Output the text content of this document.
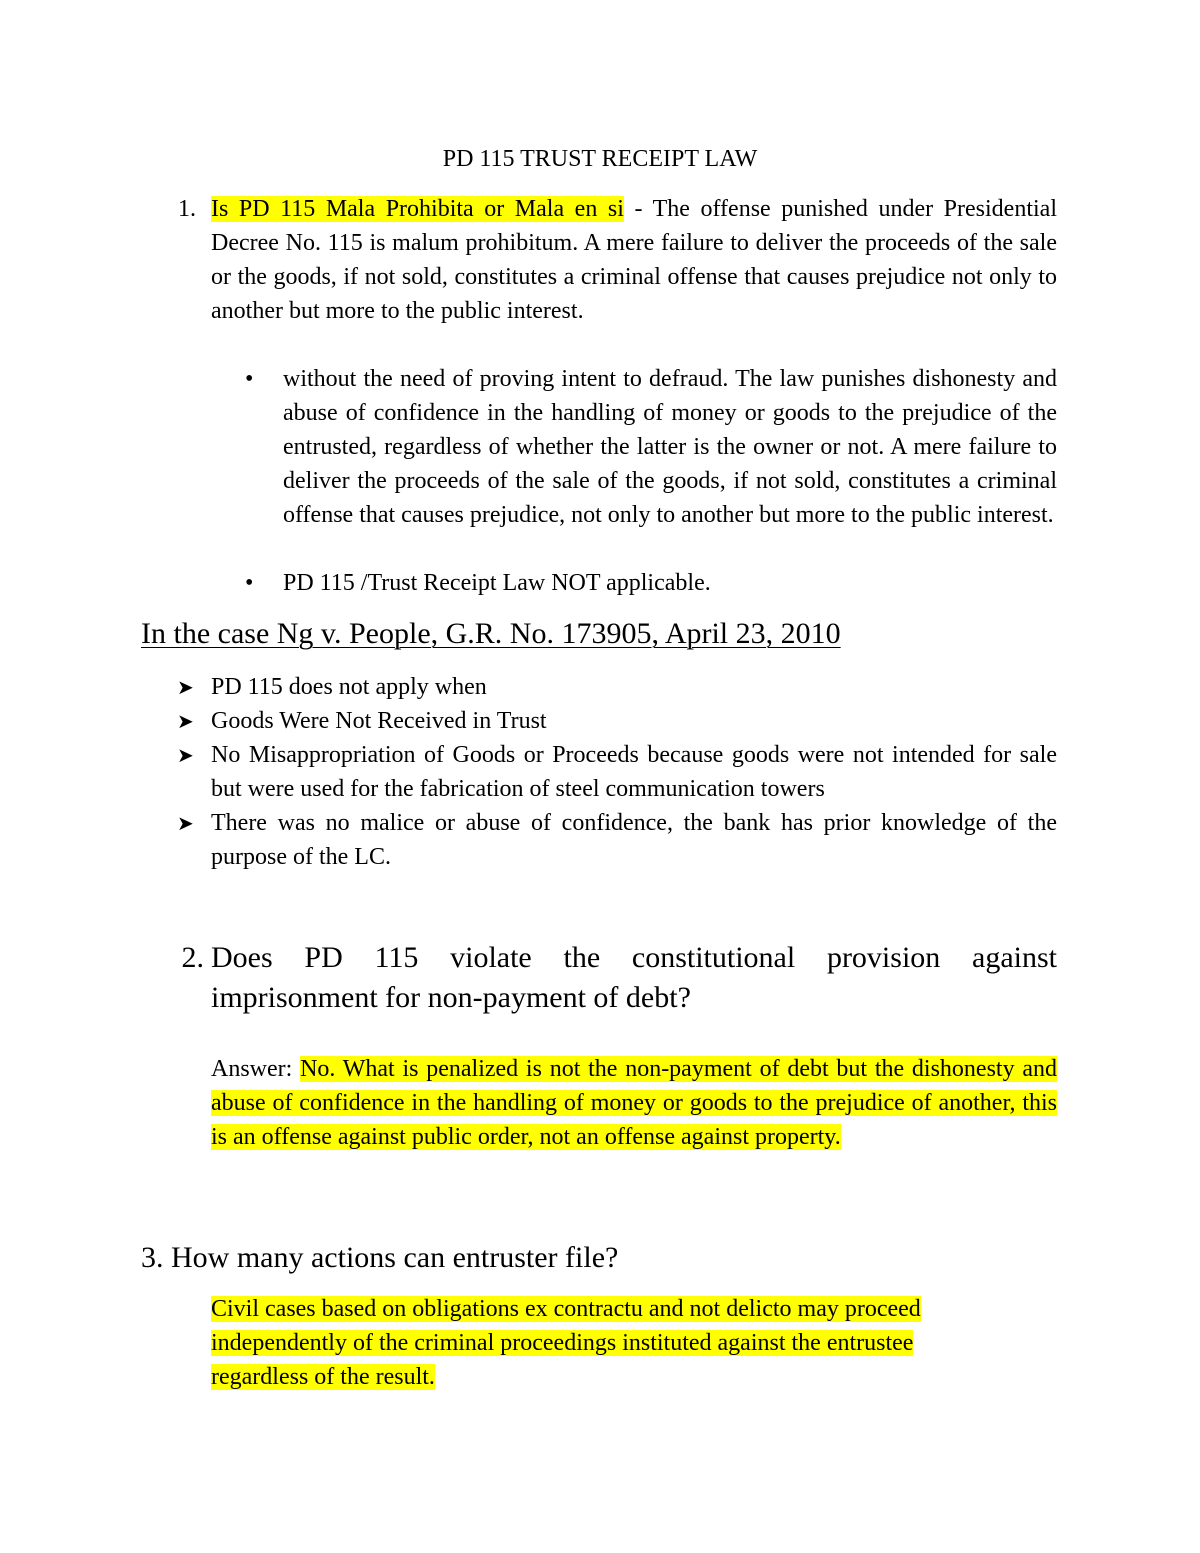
PD 115 TRUST RECEIPT LAW
1. Is PD 115 Mala Prohibita or Mala en si - The offense punished under Presidential Decree No. 115 is malum prohibitum. A mere failure to deliver the proceeds of the sale or the goods, if not sold, constitutes a criminal offense that causes prejudice not only to another but more to the public interest.
• without the need of proving intent to defraud. The law punishes dishonesty and abuse of confidence in the handling of money or goods to the prejudice of the entrusted, regardless of whether the latter is the owner or not. A mere failure to deliver the proceeds of the sale of the goods, if not sold, constitutes a criminal offense that causes prejudice, not only to another but more to the public interest.
• PD 115 /Trust Receipt Law NOT applicable.
In the case Ng v. People, G.R. No. 173905, April 23, 2010
➤ PD 115 does not apply when
➤ Goods Were Not Received in Trust
➤ No Misappropriation of Goods or Proceeds because goods were not intended for sale but were used for the fabrication of steel communication towers
➤ There was no malice or abuse of confidence, the bank has prior knowledge of the purpose of the LC.
2. Does PD 115 violate the constitutional provision against imprisonment for non-payment of debt?
Answer: No. What is penalized is not the non-payment of debt but the dishonesty and abuse of confidence in the handling of money or goods to the prejudice of another, this is an offense against public order, not an offense against property.
3. How many actions can entruster file?
Civil cases based on obligations ex contractu and not delicto may proceed
independently of the criminal proceedings instituted against the entrustee
regardless of the result.
